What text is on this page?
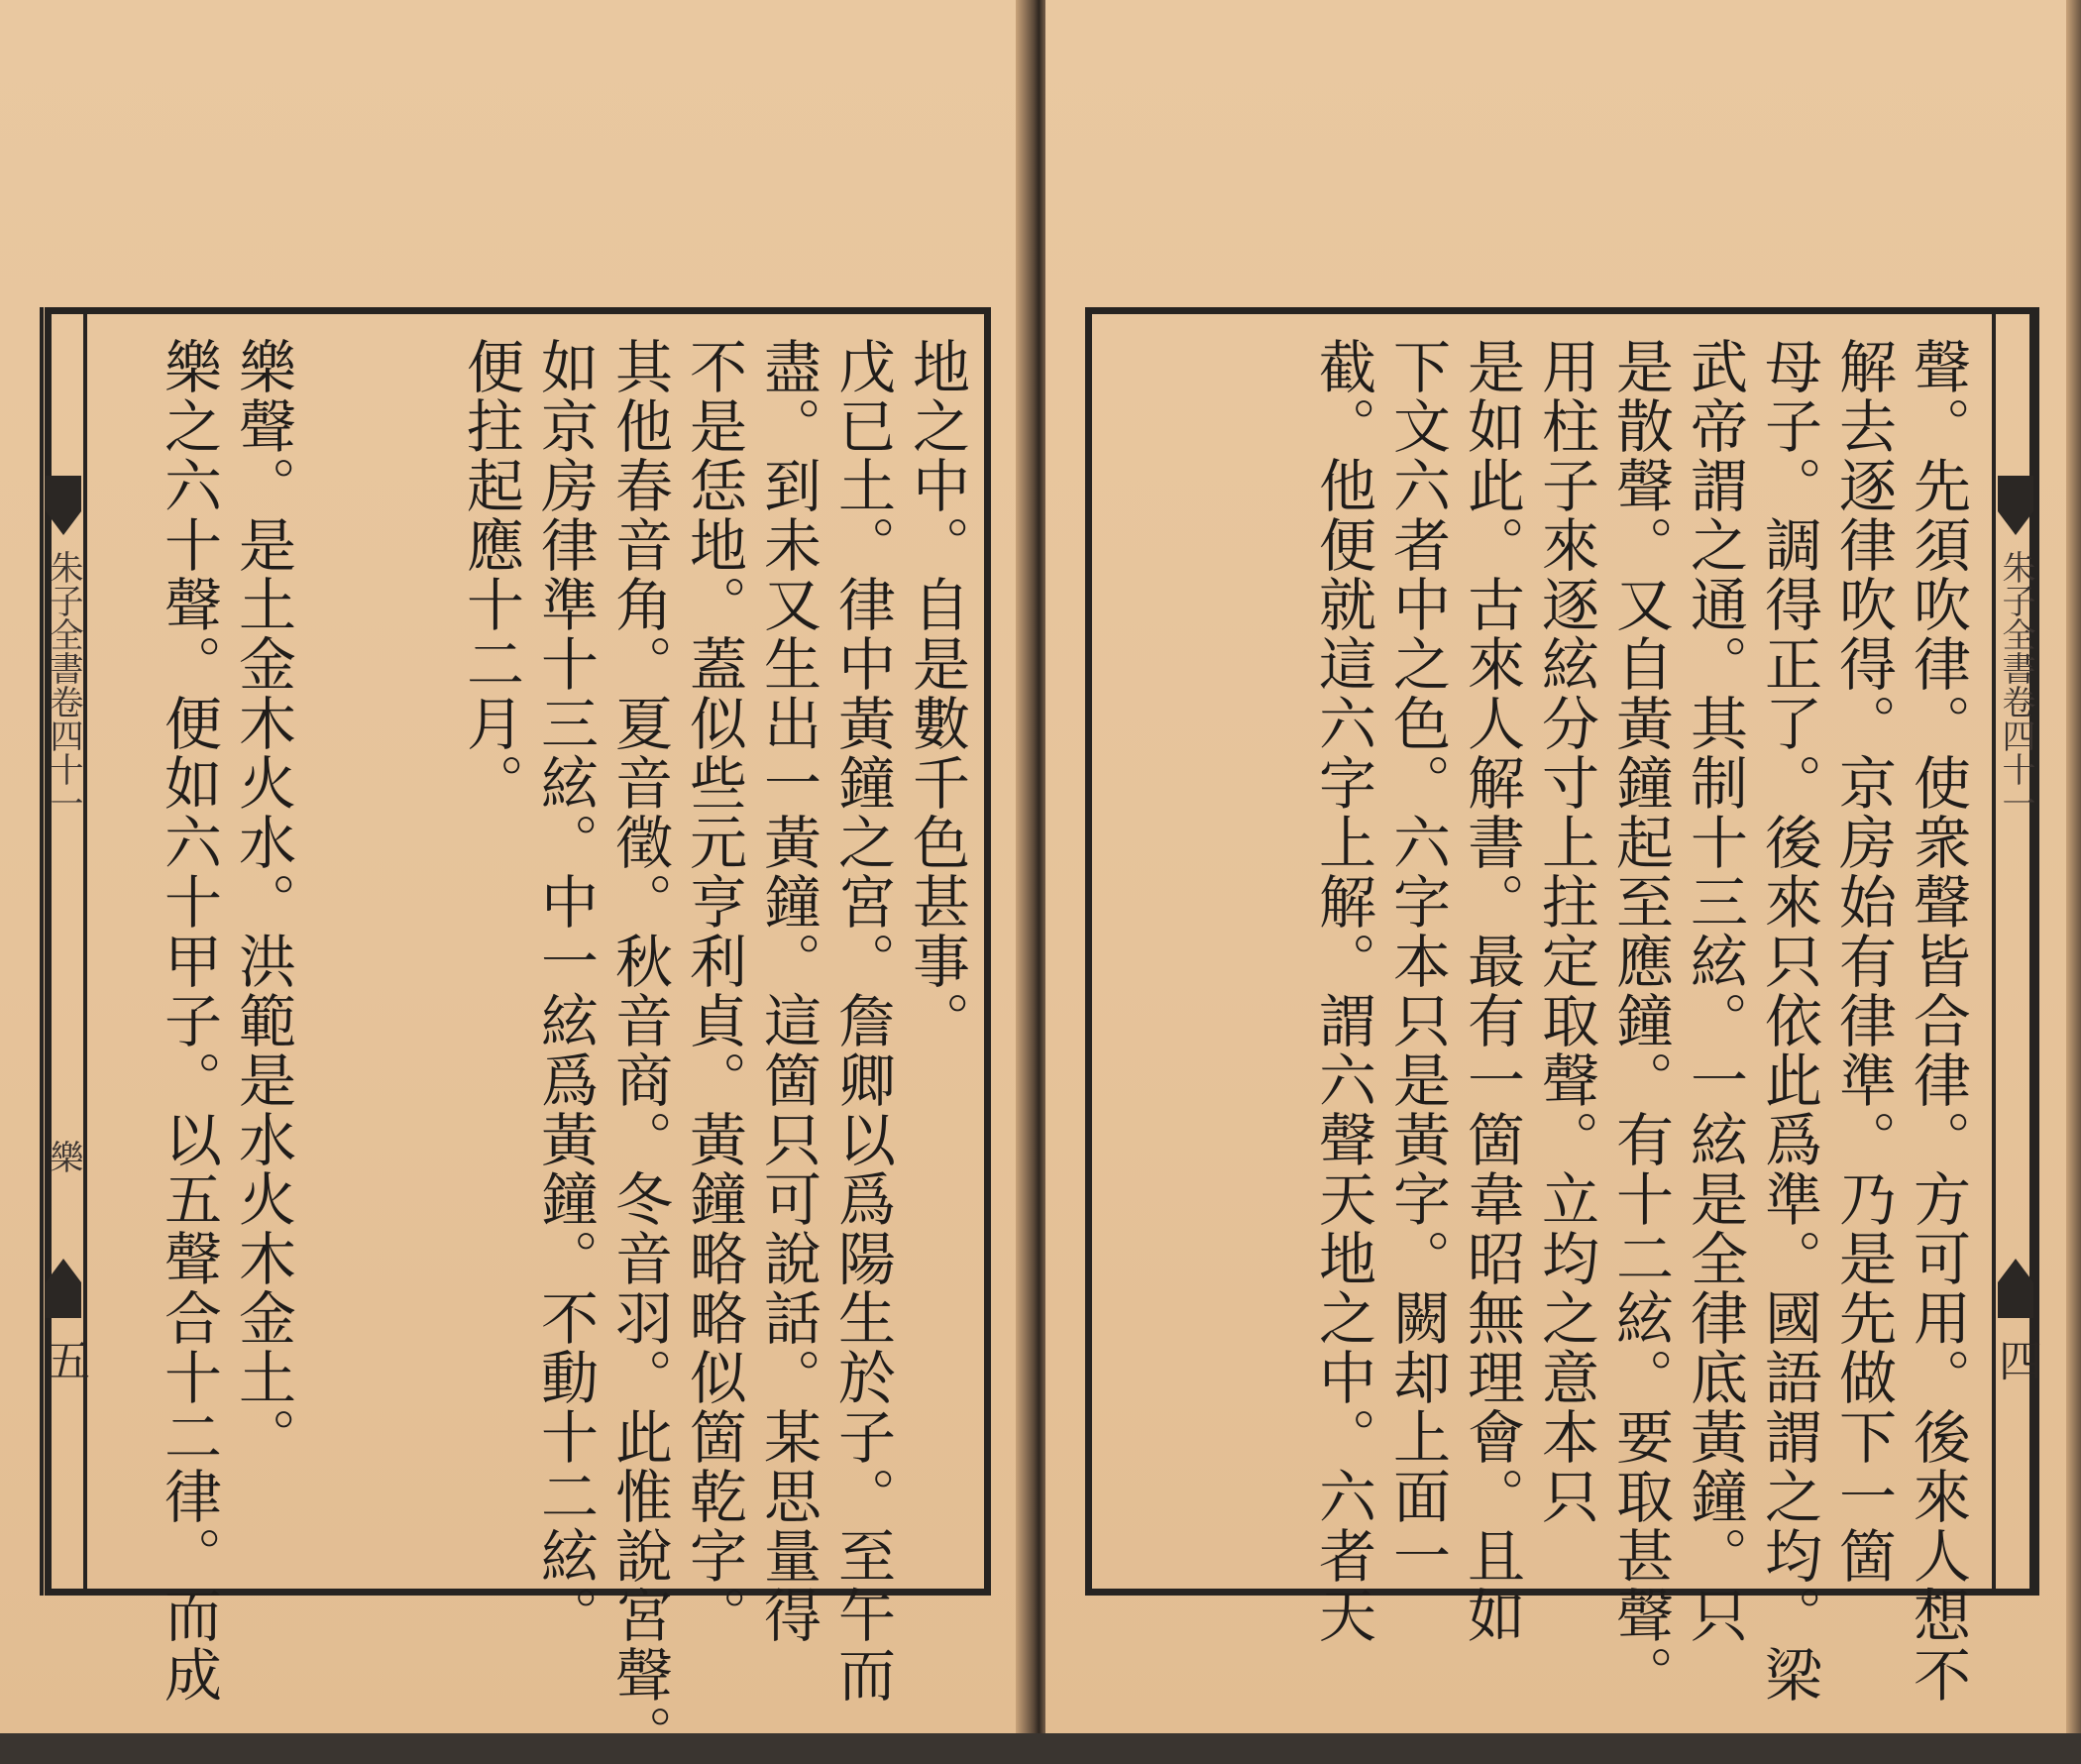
地之中。自是數千色甚事。
戊已土。律中黃鐘之宮。詹卿以爲陽生於子。至午而
盡。到未又生出一黃鐘。這箇只可說話。某思量得
不是恁地。蓋似些元亨利貞。黃鐘略略似箇乾字。
其他春音角。夏音徵。秋音商。冬音羽。此惟說宮聲。
如京房律準十三絃。中一絃爲黃鐘。不動十二絃。
便拄起應十二月。
樂聲。是土金木火水。洪範是水火木金土。
樂之六十聲。便如六十甲子。以五聲合十二律。而成
朱子全書卷四十一
樂
五	聲。先須吹律。使衆聲皆合律。方可用。後來人想不
解去逐律吹得。京房始有律準。乃是先做下一箇
母子。調得正了。後來只依此爲準。國語謂之均。梁
武帝謂之通。其制十三絃。一絃是全律底黃鐘。只
是散聲。又自黃鐘起至應鐘。有十二絃。要取甚聲。
用柱子來逐絃分寸上拄定取聲。立均之意本只
是如此。古來人解書。最有一箇韋昭無理會。且如
下文六者中之色。六字本只是黃字。闕却上面一
截。他便就這六字上解。謂六聲天地之中。六者天	朱子全書卷四十一
四
